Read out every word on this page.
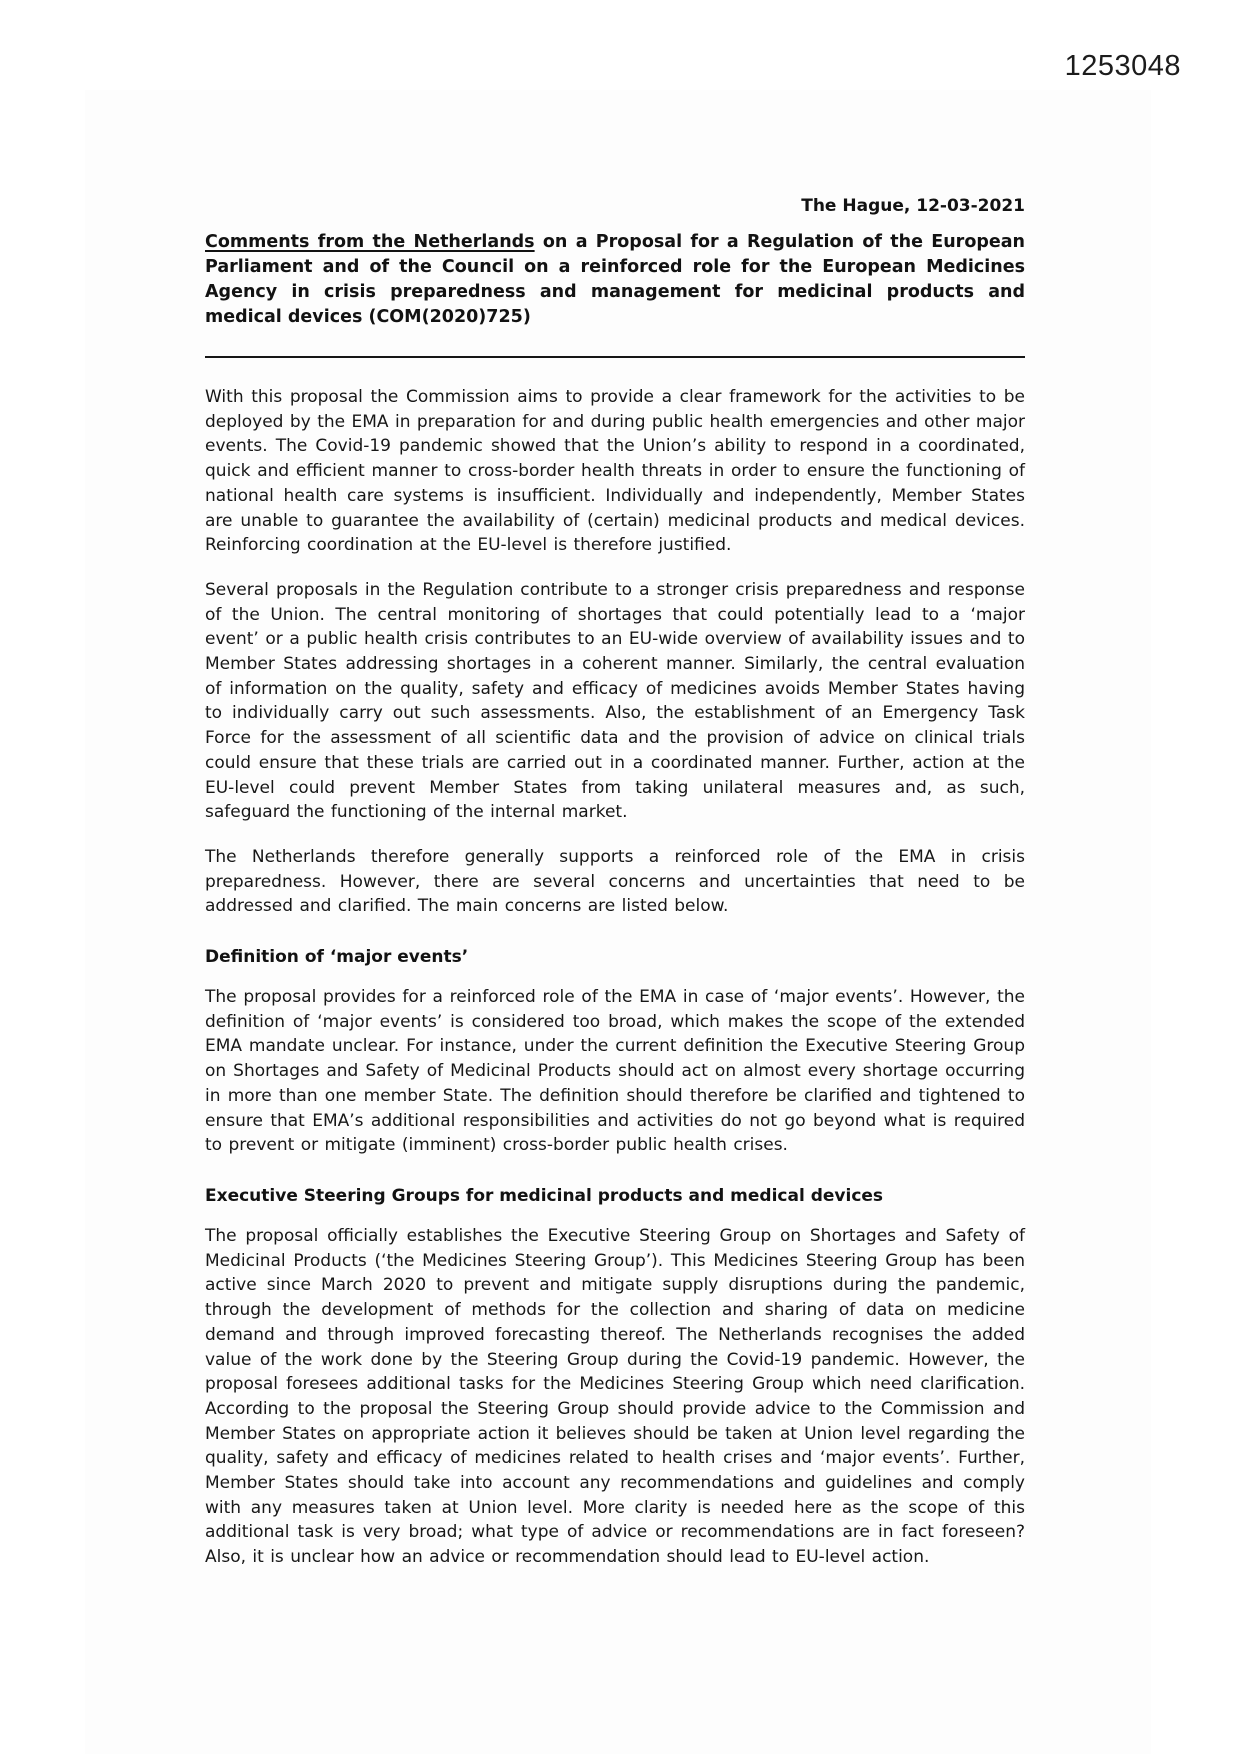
1253048

The Hague, 12-03-2021

Comments from the Netherlands on a Proposal for a Regulation of the European Parliament and of the Council on a reinforced role for the European Medicines Agency in crisis preparedness and management for medicinal products and medical devices (COM(2020)725)

With this proposal the Commission aims to provide a clear framework for the activities to be deployed by the EMA in preparation for and during public health emergencies and other major events. The Covid-19 pandemic showed that the Union’s ability to respond in a coordinated, quick and efficient manner to cross-border health threats in order to ensure the functioning of national health care systems is insufficient. Individually and independently, Member States are unable to guarantee the availability of (certain) medicinal products and medical devices. Reinforcing coordination at the EU-level is therefore justified.

Several proposals in the Regulation contribute to a stronger crisis preparedness and response of the Union. The central monitoring of shortages that could potentially lead to a ‘major event’ or a public health crisis contributes to an EU-wide overview of availability issues and to Member States addressing shortages in a coherent manner. Similarly, the central evaluation of information on the quality, safety and efficacy of medicines avoids Member States having to individually carry out such assessments. Also, the establishment of an Emergency Task Force for the assessment of all scientific data and the provision of advice on clinical trials could ensure that these trials are carried out in a coordinated manner. Further, action at the EU-level could prevent Member States from taking unilateral measures and, as such, safeguard the functioning of the internal market.

The Netherlands therefore generally supports a reinforced role of the EMA in crisis preparedness. However, there are several concerns and uncertainties that need to be addressed and clarified. The main concerns are listed below.

Definition of ‘major events’

The proposal provides for a reinforced role of the EMA in case of ‘major events’. However, the definition of ‘major events’ is considered too broad, which makes the scope of the extended EMA mandate unclear. For instance, under the current definition the Executive Steering Group on Shortages and Safety of Medicinal Products should act on almost every shortage occurring in more than one member State. The definition should therefore be clarified and tightened to ensure that EMA’s additional responsibilities and activities do not go beyond what is required to prevent or mitigate (imminent) cross-border public health crises.

Executive Steering Groups for medicinal products and medical devices

The proposal officially establishes the Executive Steering Group on Shortages and Safety of Medicinal Products (‘the Medicines Steering Group’). This Medicines Steering Group has been active since March 2020 to prevent and mitigate supply disruptions during the pandemic, through the development of methods for the collection and sharing of data on medicine demand and through improved forecasting thereof. The Netherlands recognises the added value of the work done by the Steering Group during the Covid-19 pandemic. However, the proposal foresees additional tasks for the Medicines Steering Group which need clarification. According to the proposal the Steering Group should provide advice to the Commission and Member States on appropriate action it believes should be taken at Union level regarding the quality, safety and efficacy of medicines related to health crises and ‘major events’. Further, Member States should take into account any recommendations and guidelines and comply with any measures taken at Union level. More clarity is needed here as the scope of this additional task is very broad; what type of advice or recommendations are in fact foreseen? Also, it is unclear how an advice or recommendation should lead to EU-level action.
